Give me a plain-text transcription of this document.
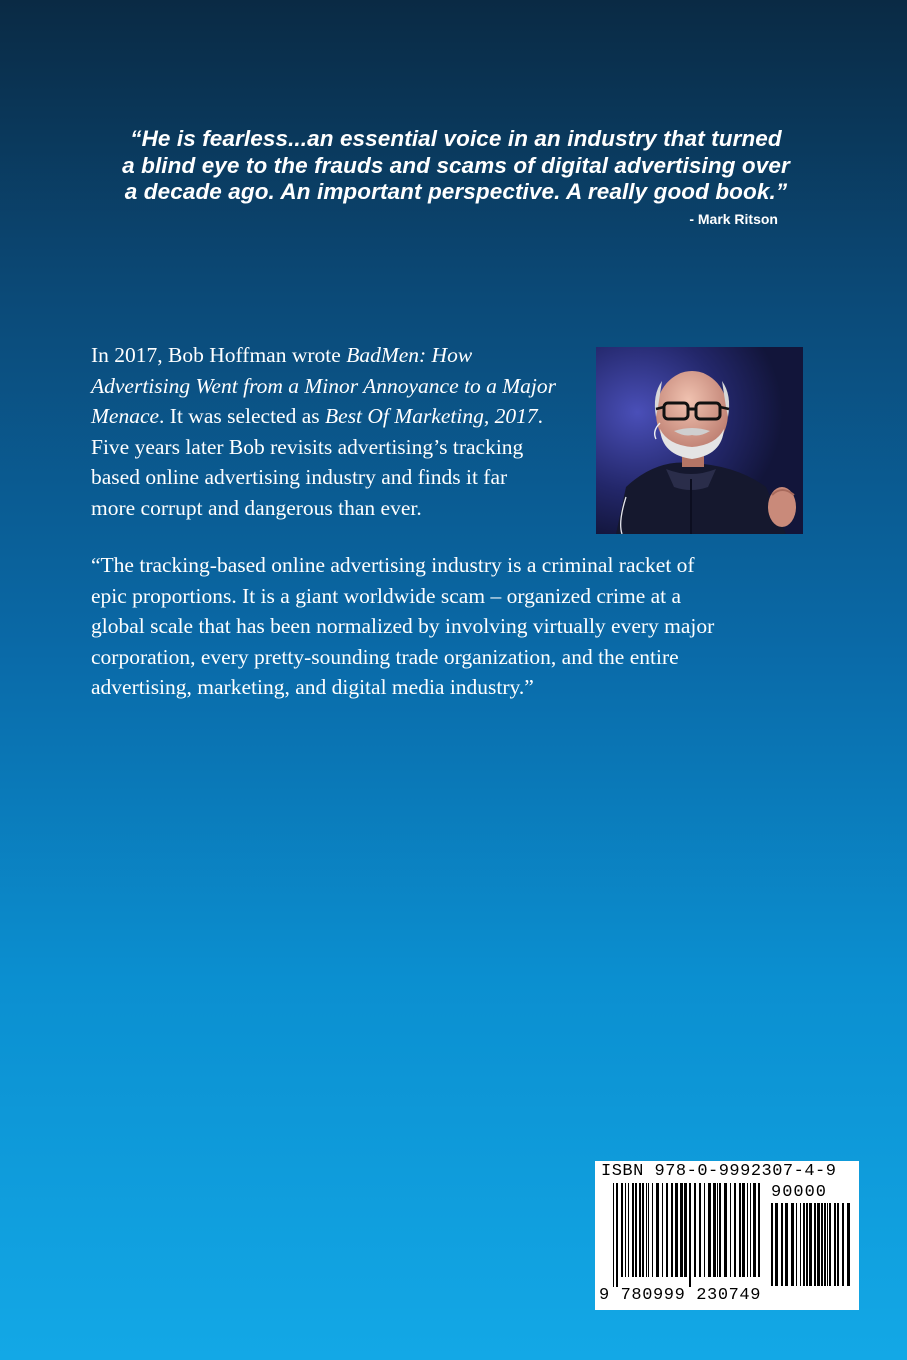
“He is fearless...an essential voice in an industry that turned
a blind eye to the frauds and scams of digital advertising over
a decade ago. An important perspective. A really good book.”
- Mark Ritson
In 2017, Bob Hoffman wrote BadMen: How
Advertising Went from a Minor Annoyance to a Major
Menace. It was selected as Best Of Marketing, 2017.
Five years later Bob revisits advertising’s tracking
based online advertising industry and finds it far
more corrupt and dangerous than ever.
“The tracking-based online advertising industry is a criminal racket of
epic proportions. It is a giant worldwide scam – organized crime at a
global scale that has been normalized by involving virtually every major
corporation, every pretty-sounding trade organization, and the entire
advertising, marketing, and digital media industry.”
ISBN 978-0-9992307-4-9
90000
9 780999 230749
